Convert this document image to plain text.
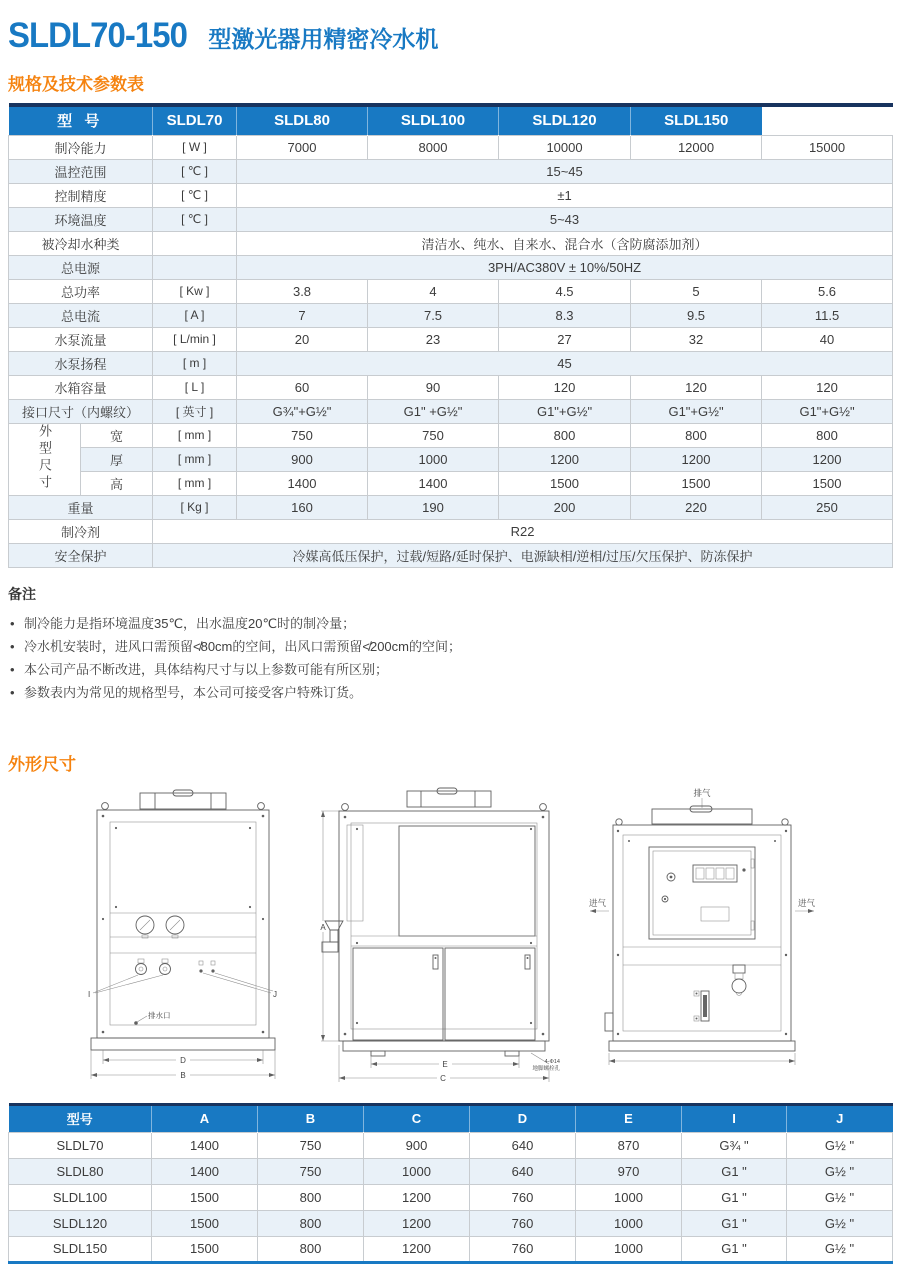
SLDL70-150 型激光器用精密冷水机
规格及技术参数表
型 号		SLDL70	SLDL80	SLDL100	SLDL120	SLDL150	
制冷能力		[ W ]	7000	8000	10000	12000	15000
温控范围		[ ℃ ]	15~45				
控制精度		[ ℃ ]	±1				
环境温度		[ ℃ ]	5~43				
被冷却水种类			清洁水、纯水、自来水、混合水（含防腐添加剂）				
总电源			3PH/AC380V ± 10%/50HZ				
总功率		[ Kw ]	3.8	4	4.5	5	5.6
总电流		[ A ]	7	7.5	8.3	9.5	11.5
水泵流量		[ L/min ]	20	23	27	32	40
水泵扬程		[ m ]	45				
水箱容量		[ L ]	60	90	120	120	120
接口尺寸（内螺纹）		[ 英寸 ]	G¾"+G½"	G1" +G½"	G1"+G½"	G1"+G½"	G1"+G½"
外型尺寸	宽	[ mm ]	750	750	800	800	800
	厚	[ mm ]	900	1000	1200	1200	1200
	高	[ mm ]	1400	1400	1500	1500	1500
重量		[ Kg ]	160	190	200	220	250
制冷剂		R22					
安全保护		冷媒高低压保护，过载/短路/延时保护、电源缺相/逆相/过压/欠压保护、防冻保护					
备注
• 制冷能力是指环境温度35℃，出水温度20℃时的制冷量；
• 冷水机安装时，进风口需预留≮80cm的空间，出风口需预留≮200cm的空间；
• 本公司产品不断改进，具体结构尺寸与以上参数可能有所区别；
• 参数表内为常见的规格型号，本公司可接受客户特殊订货。
外形尺寸
I	J
排水口
D
B
A
E
C
4-Φ14
地脚螺栓孔
排气
进气	进气
型号	A	B	C	D	E	I	J
SLDL70	1400	750	900	640	870	G¾ "	G½ "
SLDL80	1400	750	1000	640	970	G1 "	G½ "
SLDL100	1500	800	1200	760	1000	G1 "	G½ "
SLDL120	1500	800	1200	760	1000	G1 "	G½ "
SLDL150	1500	800	1200	760	1000	G1 "	G½ "
